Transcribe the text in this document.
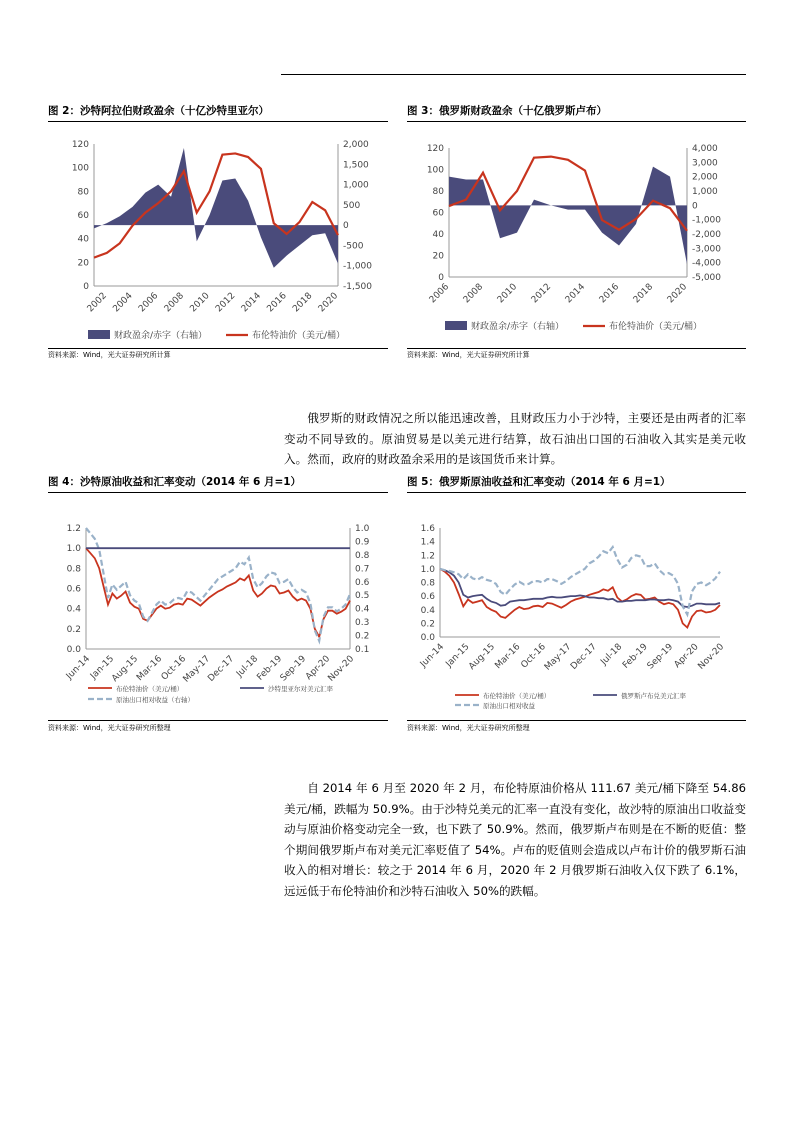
图 2：沙特阿拉伯财政盈余（十亿沙特里亚尔）
0
20
40
60
80
100
120	2,000
1,500
1,000
500
0
-500
-1,000
-1,500
2002 2004 2006 2008 2010 2012 2014 2016 2018 2020
财政盈余/赤字（右轴）	布伦特油价（美元/桶）
资料来源：Wind，光大证券研究所计算
图 3：俄罗斯财政盈余（十亿俄罗斯卢布）
0
20
40
60
80
100
120	4,000
3,000
2,000
1,000
0
-1,000
-2,000
-3,000
-4,000
-5,000
2006 2008 2010 2012 2014 2016 2018 2020
财政盈余/赤字（右轴）	布伦特油价（美元/桶）
资料来源：Wind，光大证券研究所计算

俄罗斯的财政情况之所以能迅速改善，且财政压力小于沙特，主要还是由两者的汇率变动不同导致的。原油贸易是以美元进行结算，故石油出口国的石油收入其实是美元收入。然而，政府的财政盈余采用的是该国货币来计算。

图 4：沙特原油收益和汇率变动（2014 年 6 月=1）
0.0
0.2
0.4
0.6
0.8
1.0
1.2
0.1
0.2
0.3
0.4
0.5
0.6
0.7
0.8
0.9
1.0
Jun-14
Jan-15
Aug-15
Mar-16
Oct-16
May-17
Dec-17
Jul-18
Feb-19
Sep-19
Apr-20
Nov-20
布伦特油价（美元/桶）	沙特里亚尔对美元汇率
原油出口相对收益（右轴）
资料来源：Wind，光大证券研究所整理
图 5：俄罗斯原油收益和汇率变动（2014 年 6 月=1）
0.0
0.2
0.4
0.6
0.8
1.0
1.2
1.4
1.6
Jun-14
Jan-15
Aug-15
Mar-16
Oct-16
May-17
Dec-17 Jul-18
Feb-19
Sep-19
Apr-20
Nov-20
布伦特油价（美元/桶）	俄罗斯卢布兑美元汇率
原油出口相对收益
资料来源：Wind，光大证券研究所整理

自 2014 年 6 月至 2020 年 2 月，布伦特原油价格从 111.67 美元/桶下降至 54.86 美元/桶，跌幅为 50.9%。由于沙特兑美元的汇率一直没有变化，故沙特的原油出口收益变动与原油价格变动完全一致，也下跌了 50.9%。然而，俄罗斯卢布则是在不断的贬值：整个期间俄罗斯卢布对美元汇率贬值了 54%。卢布的贬值则会造成以卢布计价的俄罗斯石油收入的相对增长：较之于 2014 年 6 月，2020 年 2 月俄罗斯石油收入仅下跌了 6.1%，远远低于布伦特油价和沙特石油收入 50%的跌幅。
